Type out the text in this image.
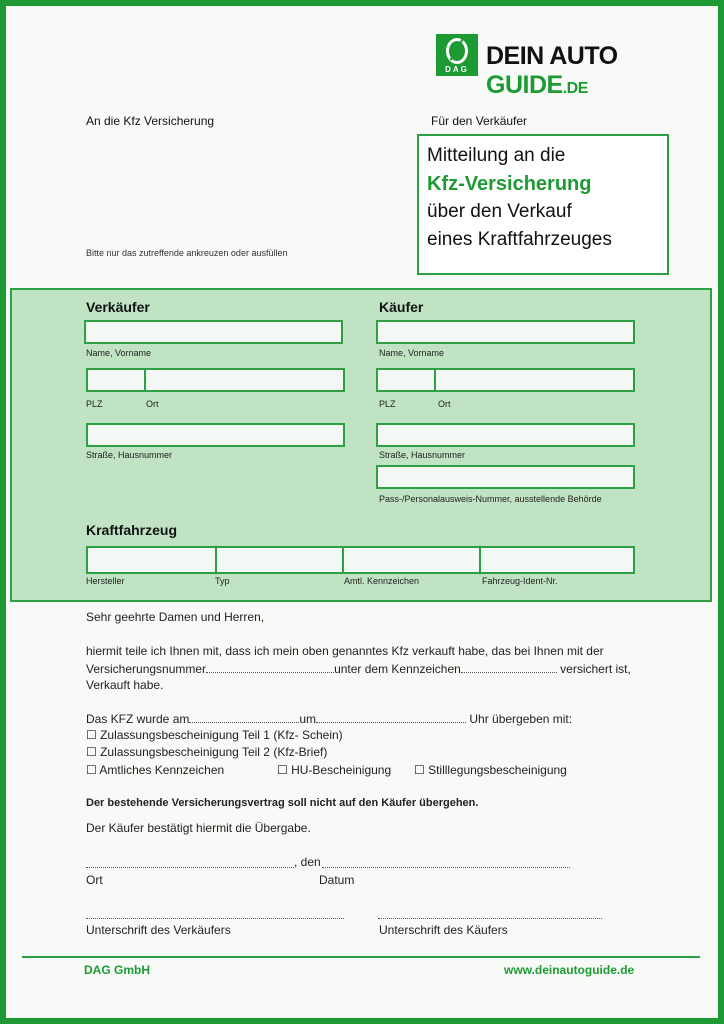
DAG DEIN AUTO GUIDE.DE
An die Kfz Versicherung	Für den Verkäufer
Bitte nur das zutreffende ankreuzen oder ausfüllen
Mitteilung an die
Kfz-Versicherung
über den Verkauf
eines Kraftfahrzeuges
Verkäufer	Käufer
Name, Vorname
PLZ	Ort
Straße, Hausnummer
Name, Vorname
PLZ	Ort
Straße, Hausnummer
Pass-/Personalausweis-Nummer, ausstellende Behörde
Kraftfahrzeug
Hersteller	Typ	Amtl. Kennzeichen	Fahrzeug-Ident-Nr.
Sehr geehrte Damen und Herren,
hiermit teile ich Ihnen mit, dass ich mein oben genanntes Kfz verkauft habe, das bei Ihnen mit der
Versicherungsnummer	unter dem Kennzeichen	versichert ist,
Verkauft habe.
Das KFZ wurde am	um	Uhr übergeben mit:
☐ Zulassungsbescheinigung Teil 1 (Kfz- Schein)
☐ Zulassungsbescheinigung Teil 2 (Kfz-Brief)
☐ Amtliches Kennzeichen	☐ HU-Bescheinigung ☐ Stilllegungsbescheinigung
Der bestehende Versicherungsvertrag soll nicht auf den Käufer übergehen.
Der Käufer bestätigt hiermit die Übergabe.
, den
Ort	Datum
Unterschrift des Verkäufers	Unterschrift des Käufers
DAG GmbH	www.deinautoguide.de
